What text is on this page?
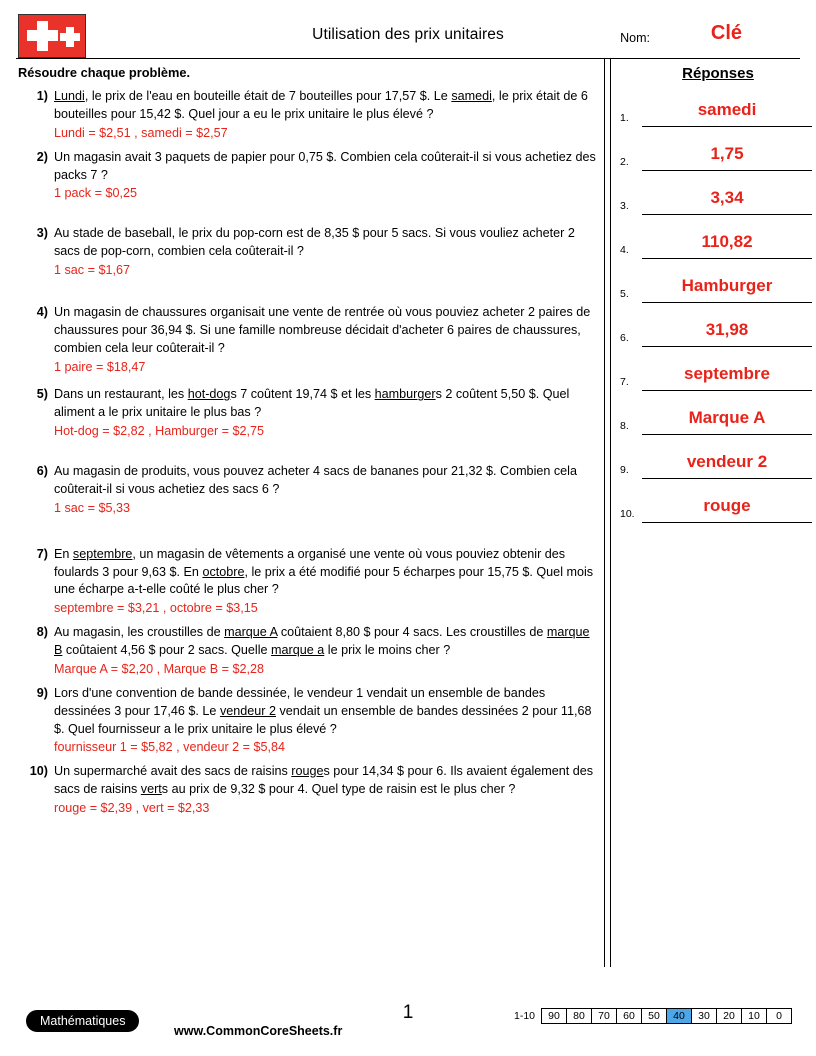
Utilisation des prix unitaires	Nom:	Clé
Résoudre chaque problème.
1) Lundi, le prix de l'eau en bouteille était de 7 bouteilles pour 17,57 $. Le samedi, le prix était de 6 bouteilles pour 15,42 $. Quel jour a eu le prix unitaire le plus élevé ?
Lundi = $2,51 , samedi = $2,57
2) Un magasin avait 3 paquets de papier pour 0,75 $. Combien cela coûterait-il si vous achetiez des packs 7 ?
1 pack = $0,25
3) Au stade de baseball, le prix du pop-corn est de 8,35 $ pour 5 sacs. Si vous vouliez acheter 2 sacs de pop-corn, combien cela coûterait-il ?
1 sac = $1,67
4) Un magasin de chaussures organisait une vente de rentrée où vous pouviez acheter 2 paires de chaussures pour 36,94 $. Si une famille nombreuse décidait d'acheter 6 paires de chaussures, combien cela leur coûterait-il ?
1 paire = $18,47
5) Dans un restaurant, les hot-dogs 7 coûtent 19,74 $ et les hamburgers 2 coûtent 5,50 $. Quel aliment a le prix unitaire le plus bas ?
Hot-dog = $2,82 , Hamburger = $2,75
6) Au magasin de produits, vous pouvez acheter 4 sacs de bananes pour 21,32 $. Combien cela coûterait-il si vous achetiez des sacs 6 ?
1 sac = $5,33
7) En septembre, un magasin de vêtements a organisé une vente où vous pouviez obtenir des foulards 3 pour 9,63 $. En octobre, le prix a été modifié pour 5 écharpes pour 15,75 $. Quel mois une écharpe a-t-elle coûté le plus cher ?
septembre = $3,21 , octobre = $3,15
8) Au magasin, les croustilles de marque A coûtaient 8,80 $ pour 4 sacs. Les croustilles de marque B coûtaient 4,56 $ pour 2 sacs. Quelle marque a le prix le moins cher ?
Marque A = $2,20 , Marque B = $2,28
9) Lors d'une convention de bande dessinée, le vendeur 1 vendait un ensemble de bandes dessinées 3 pour 17,46 $. Le vendeur 2 vendait un ensemble de bandes dessinées 2 pour 11,68 $. Quel fournisseur a le prix unitaire le plus élevé ?
fournisseur 1 = $5,82 , vendeur 2 = $5,84
10) Un supermarché avait des sacs de raisins rouges pour 14,34 $ pour 6. Ils avaient également des sacs de raisins verts au prix de 9,32 $ pour 4. Quel type de raisin est le plus cher ?
rouge = $2,39 , vert = $2,33
Réponses
1.	samedi
2.	1,75
3.	3,34
4.	110,82
5.	Hamburger
6.	31,98
7.	septembre
8.	Marque A
9.	vendeur 2
10.	rouge
1
Mathématiques
www.CommonCoreSheets.fr
1-10	90	80	70	60	50	40	30	20	10	0
